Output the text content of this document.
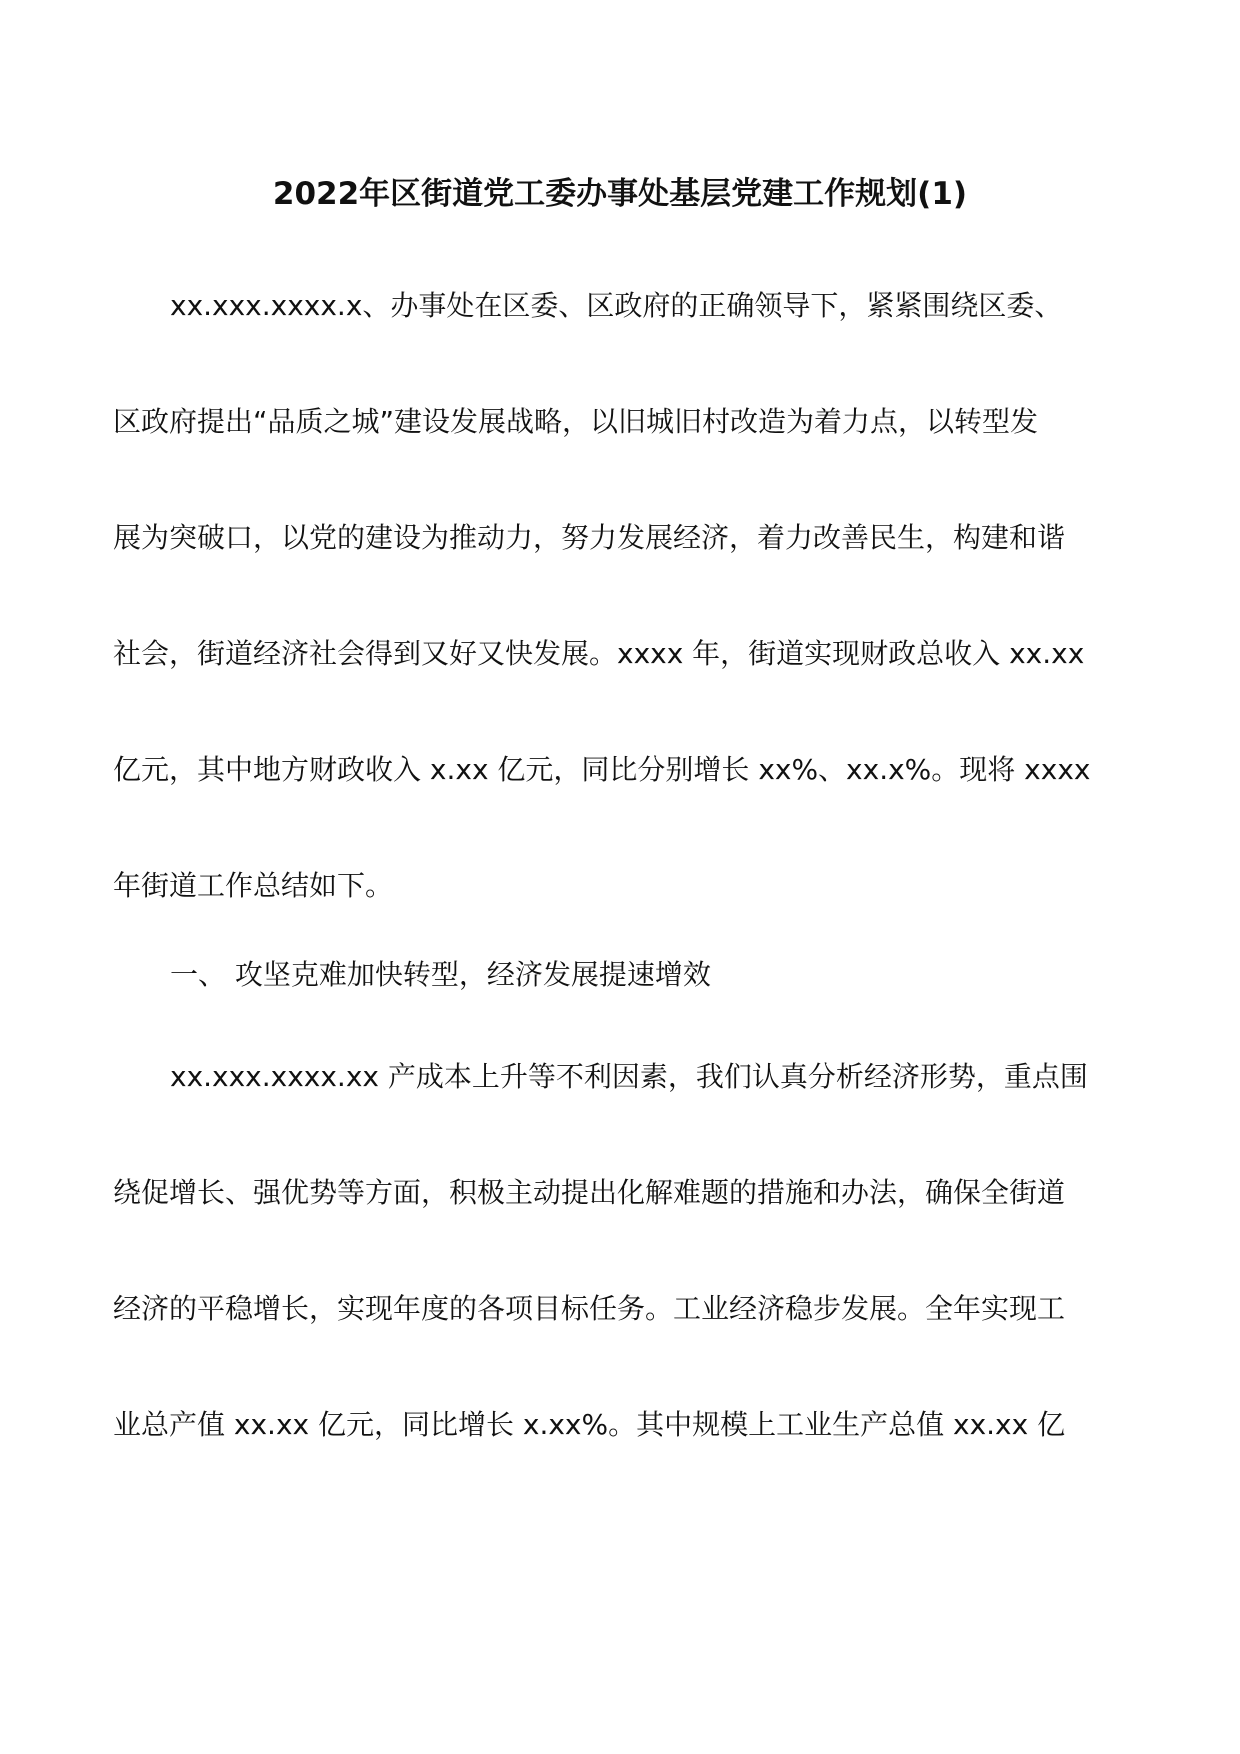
2022年区街道党工委办事处基层党建工作规划(1)
xx.xxx.xxxx.x、办事处在区委、区政府的正确领导下，紧紧围绕区委、
区政府提出“品质之城”建设发展战略，以旧城旧村改造为着力点，以转型发
展为突破口，以党的建设为推动力，努力发展经济，着力改善民生，构建和谐
社会，街道经济社会得到又好又快发展。xxxx 年，街道实现财政总收入 xx.xx
亿元，其中地方财政收入 x.xx 亿元，同比分别增长 xx%、xx.x%。现将 xxxx
年街道工作总结如下。
一、 攻坚克难加快转型，经济发展提速增效
xx.xxx.xxxx.xx 产成本上升等不利因素，我们认真分析经济形势，重点围
绕促增长、强优势等方面，积极主动提出化解难题的措施和办法，确保全街道
经济的平稳增长，实现年度的各项目标任务。工业经济稳步发展。全年实现工
业总产值 xx.xx 亿元，同比增长 x.xx%。其中规模上工业生产总值 xx.xx 亿
